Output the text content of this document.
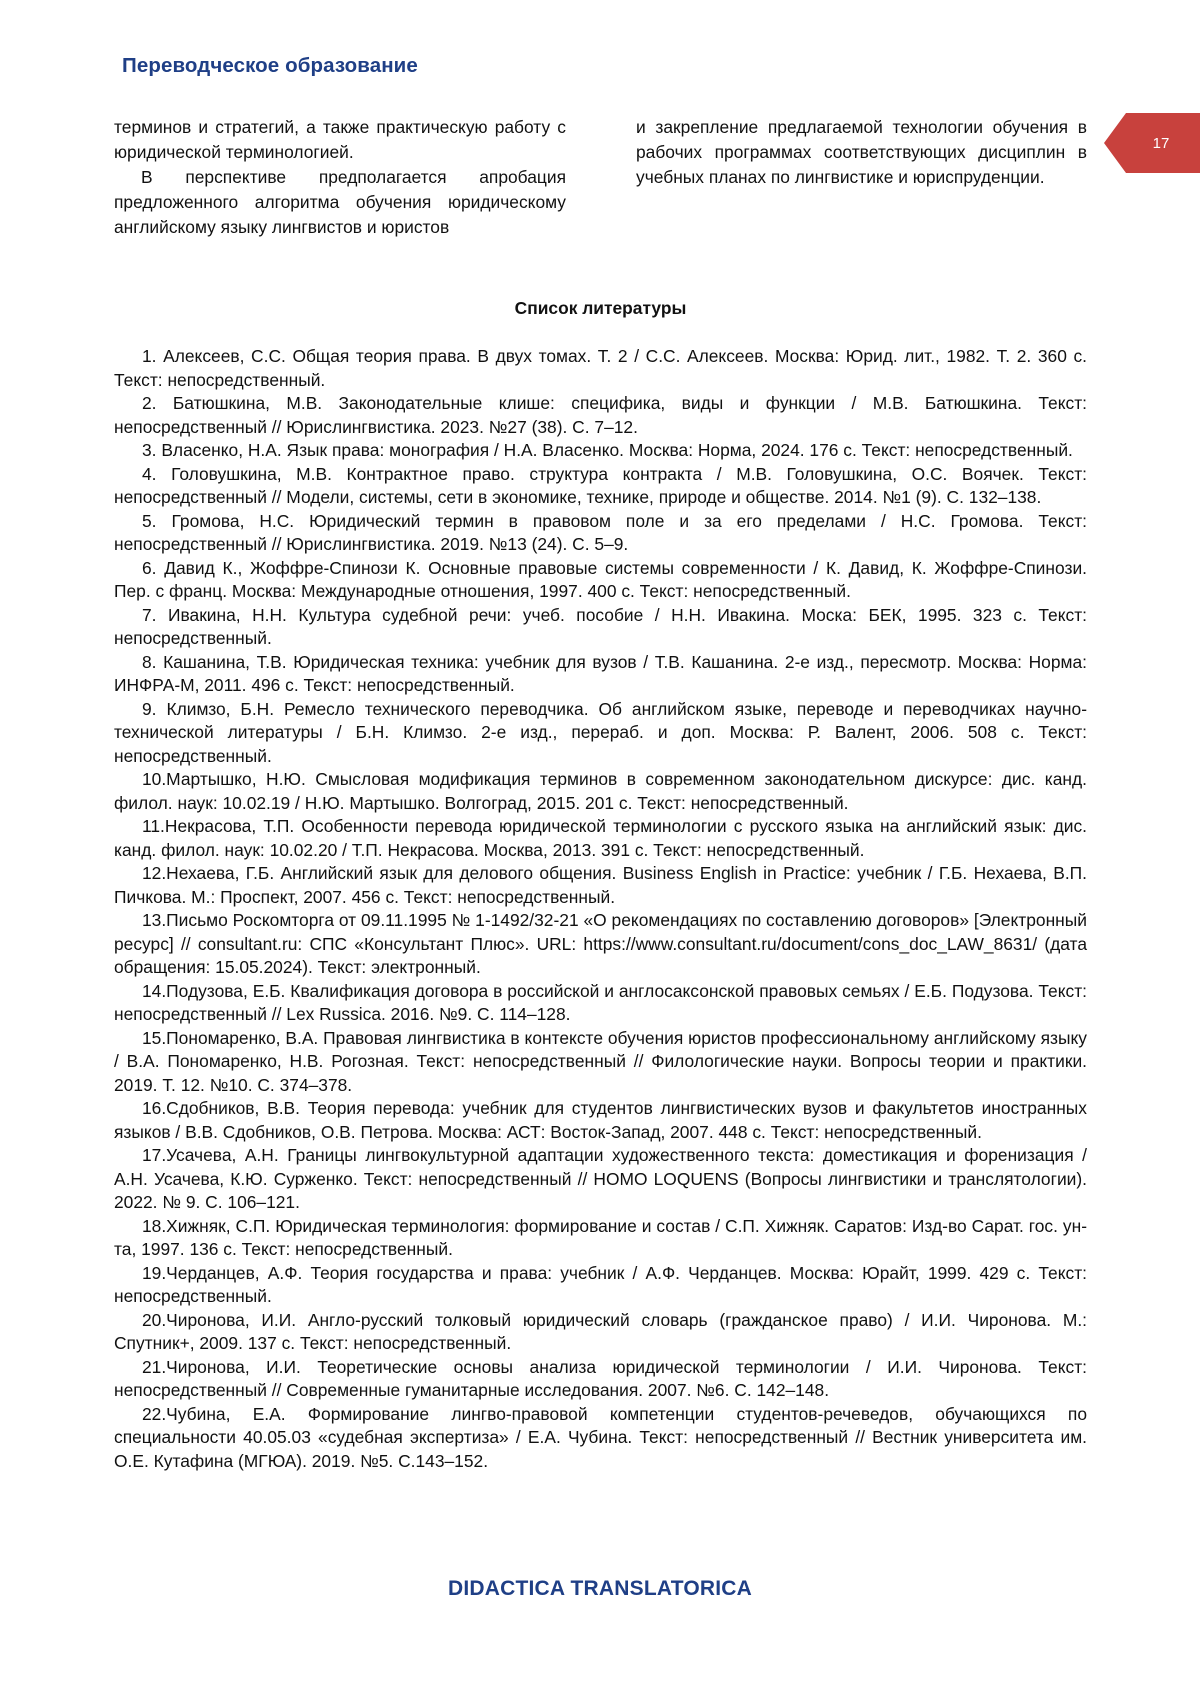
Переводческое образование
17

терминов и стратегий, а также практическую работу с юридической терминологией.

В перспективе предполагается апробация предложенного алгоритма обучения юридическому английскому языку лингвистов и юристов

и закрепление предлагаемой технологии обучения в рабочих программах соответствующих дисциплин в учебных планах по лингвистике и юриспруденции.

Список литературы

1. Алексеев, С.С. Общая теория права. В двух томах. Т. 2 / С.С. Алексеев. Москва: Юрид. лит., 1982. Т. 2. 360 с. Текст: непосредственный.

2. Батюшкина, М.В. Законодательные клише: специфика, виды и функции / М.В. Батюшкина. Текст: непосредственный // Юрислингвистика. 2023. №27 (38). С. 7–12.

3. Власенко, Н.А. Язык права: монография / Н.А. Власенко. Москва: Норма, 2024. 176 с. Текст: непосредственный.

4. Головушкина, М.В. Контрактное право. структура контракта / М.В. Головушкина, О.С. Воячек. Текст: непосредственный // Модели, системы, сети в экономике, технике, природе и обществе. 2014. №1 (9). С. 132–138.

5. Громова, Н.С. Юридический термин в правовом поле и за его пределами / Н.С. Громова. Текст: непосредственный // Юрислингвистика. 2019. №13 (24). С. 5–9.

6. Давид К., Жоффре-Спинози К. Основные правовые системы современности / К. Давид, К. Жоффре-Спинози. Пер. с франц. Москва: Международные отношения, 1997. 400 с. Текст: непосредственный.

7. Ивакина, Н.Н. Культура судебной речи: учеб. пособие / Н.Н. Ивакина. Моска: БЕК, 1995. 323 с. Текст: непосредственный.

8. Кашанина, Т.В. Юридическая техника: учебник для вузов / Т.В. Кашанина. 2-е изд., пересмотр. Москва: Норма: ИНФРА-М, 2011. 496 с. Текст: непосредственный.

9. Климзо, Б.Н. Ремесло технического переводчика. Об английском языке, переводе и переводчиках научно-технической литературы / Б.Н. Климзо. 2-е изд., перераб. и доп. Москва: Р. Валент, 2006. 508 с. Текст: непосредственный.

10.Мартышко, Н.Ю. Смысловая модификация терминов в современном законодательном дискурсе: дис. канд. филол. наук: 10.02.19 / Н.Ю. Мартышко. Волгоград, 2015. 201 с. Текст: непосредственный.

11.Некрасова, Т.П. Особенности перевода юридической терминологии с русского языка на английский язык: дис. канд. филол. наук: 10.02.20 / Т.П. Некрасова. Москва, 2013. 391 с. Текст: непосредственный.

12.Нехаева, Г.Б. Английский язык для делового общения. Business English in Practice: учебник / Г.Б. Нехаева, В.П. Пичкова. М.: Проспект, 2007. 456 с. Текст: непосредственный.

13.Письмо Роскомторга от 09.11.1995 № 1-1492/32-21 «О рекомендациях по составлению договоров» [Электронный ресурс] // consultant.ru: СПС «Консультант Плюс». URL: https://www.consultant.ru/document/cons_doc_LAW_8631/ (дата обращения: 15.05.2024). Текст: электронный.

14.Подузова, Е.Б. Квалификация договора в российской и англосаксонской правовых семьях / Е.Б. Подузова. Текст: непосредственный // Lex Russica. 2016. №9. С. 114–128.

15.Пономаренко, В.А. Правовая лингвистика в контексте обучения юристов профессиональному английскому языку / В.А. Пономаренко, Н.В. Рогозная. Текст: непосредственный // Филологические науки. Вопросы теории и практики. 2019. Т. 12. №10. С. 374–378.

16.Сдобников, В.В. Теория перевода: учебник для студентов лингвистических вузов и факультетов иностранных языков / В.В. Сдобников, О.В. Петрова. Москва: АСТ: Восток-Запад, 2007. 448 с. Текст: непосредственный.

17.Усачева, А.Н. Границы лингвокультурной адаптации художественного текста: доместикация и форенизация / А.Н. Усачева, К.Ю. Сурженко. Текст: непосредственный // HOMO LOQUENS (Вопросы лингвистики и транслятологии). 2022. № 9. С. 106–121.

18.Хижняк, С.П. Юридическая терминология: формирование и состав / С.П. Хижняк. Саратов: Изд-во Сарат. гос. ун-та, 1997. 136 с. Текст: непосредственный.

19.Черданцев, А.Ф. Теория государства и права: учебник / А.Ф. Черданцев. Москва: Юрайт, 1999. 429 с. Текст: непосредственный.

20.Чиронова, И.И. Англо-русский толковый юридический словарь (гражданское право) / И.И. Чиронова. М.: Спутник+, 2009. 137 с. Текст: непосредственный.

21.Чиронова, И.И. Теоретические основы анализа юридической терминологии / И.И. Чиронова. Текст: непосредственный // Современные гуманитарные исследования. 2007. №6. С. 142–148.

22.Чубина, Е.А. Формирование лингво-правовой компетенции студентов-речеведов, обучающихся по специальности 40.05.03 «судебная экспертиза» / Е.А. Чубина. Текст: непосредственный // Вестник университета им. О.Е. Кутафина (МГЮА). 2019. №5. С.143–152.

DIDACTICA TRANSLATORICA
